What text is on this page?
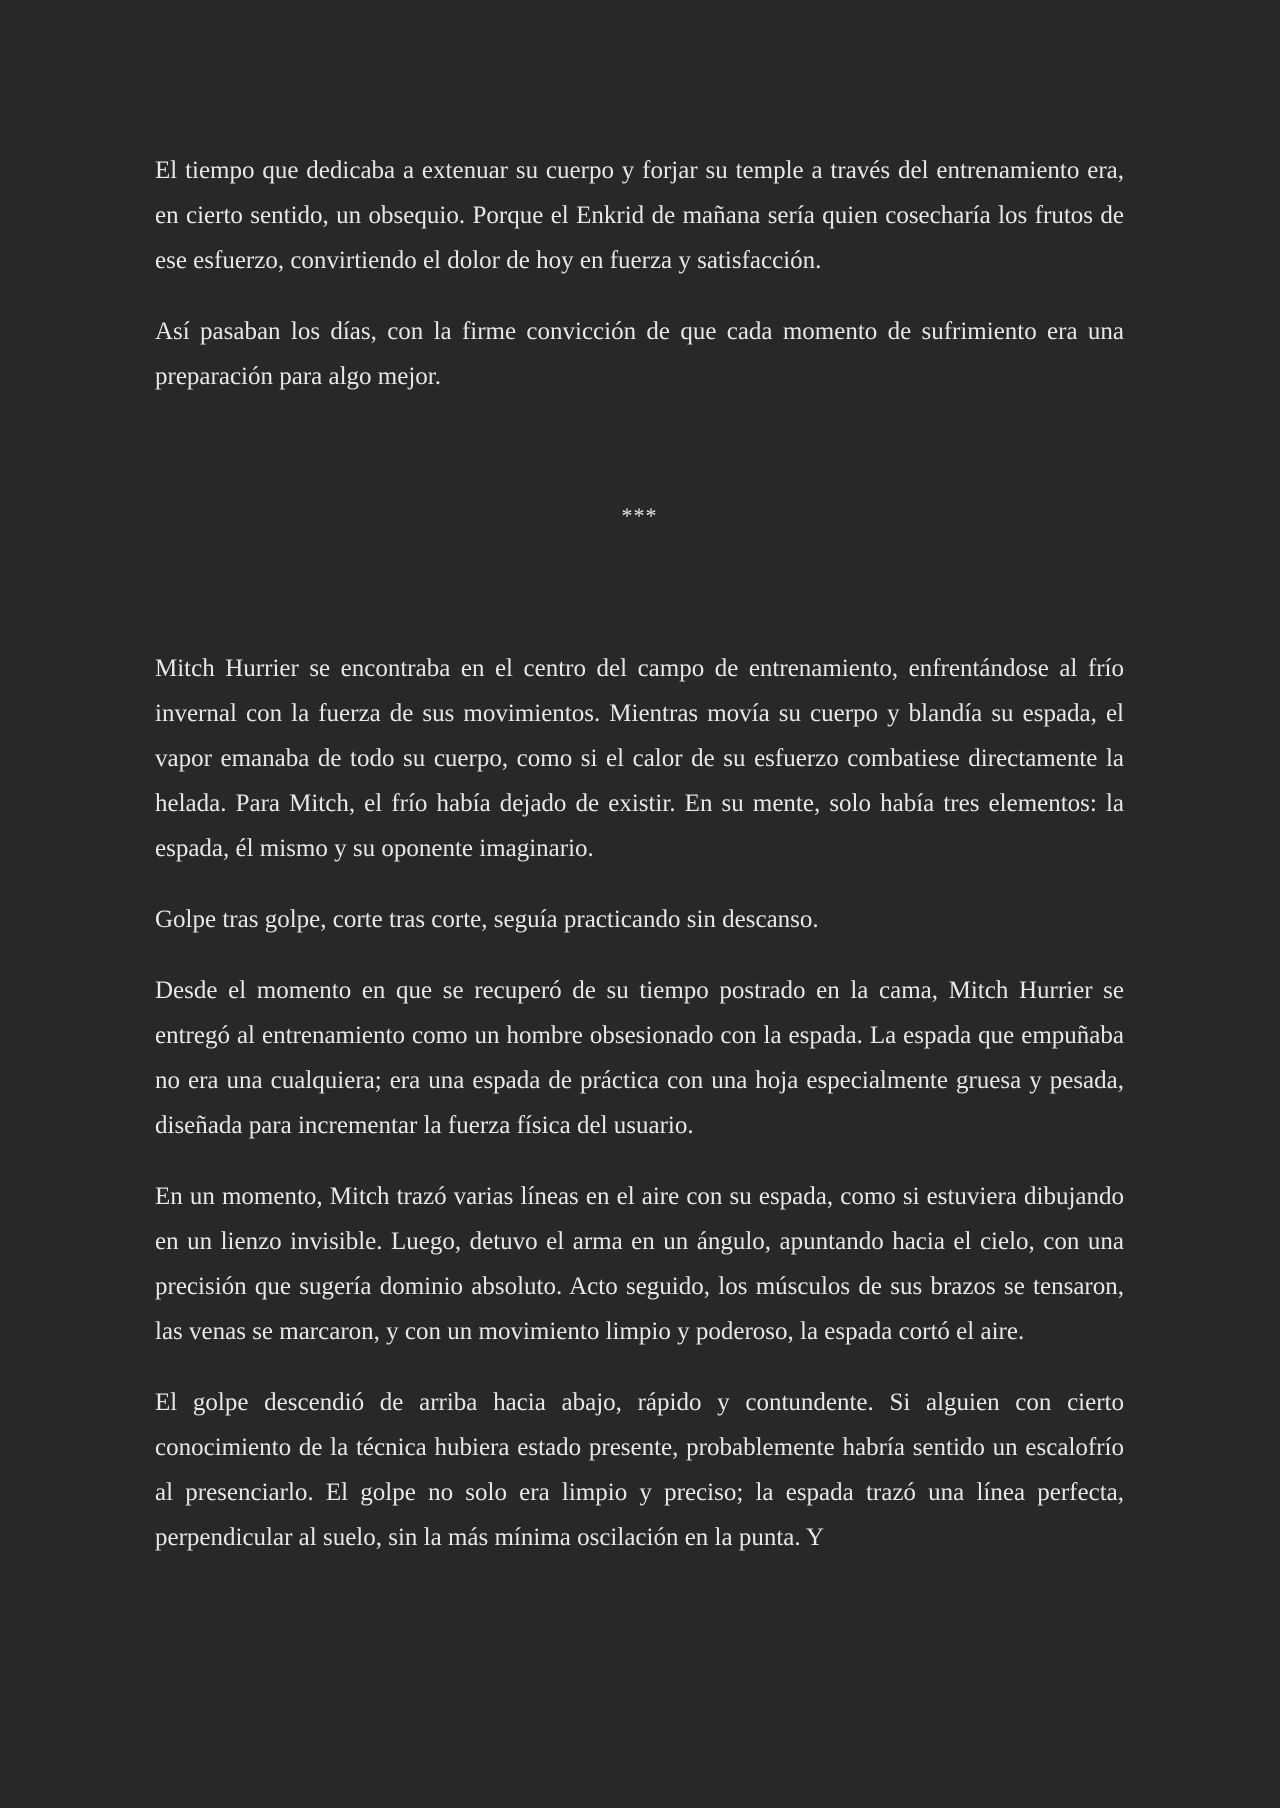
El tiempo que dedicaba a extenuar su cuerpo y forjar su temple a través del entrenamiento era, en cierto sentido, un obsequio. Porque el Enkrid de mañana sería quien cosecharía los frutos de ese esfuerzo, convirtiendo el dolor de hoy en fuerza y satisfacción.

Así pasaban los días, con la firme convicción de que cada momento de sufrimiento era una preparación para algo mejor.

***

Mitch Hurrier se encontraba en el centro del campo de entrenamiento, enfrentándose al frío invernal con la fuerza de sus movimientos. Mientras movía su cuerpo y blandía su espada, el vapor emanaba de todo su cuerpo, como si el calor de su esfuerzo combatiese directamente la helada. Para Mitch, el frío había dejado de existir. En su mente, solo había tres elementos: la espada, él mismo y su oponente imaginario.

Golpe tras golpe, corte tras corte, seguía practicando sin descanso.

Desde el momento en que se recuperó de su tiempo postrado en la cama, Mitch Hurrier se entregó al entrenamiento como un hombre obsesionado con la espada. La espada que empuñaba no era una cualquiera; era una espada de práctica con una hoja especialmente gruesa y pesada, diseñada para incrementar la fuerza física del usuario.

En un momento, Mitch trazó varias líneas en el aire con su espada, como si estuviera dibujando en un lienzo invisible. Luego, detuvo el arma en un ángulo, apuntando hacia el cielo, con una precisión que sugería dominio absoluto. Acto seguido, los músculos de sus brazos se tensaron, las venas se marcaron, y con un movimiento limpio y poderoso, la espada cortó el aire.

El golpe descendió de arriba hacia abajo, rápido y contundente. Si alguien con cierto conocimiento de la técnica hubiera estado presente, probablemente habría sentido un escalofrío al presenciarlo. El golpe no solo era limpio y preciso; la espada trazó una línea perfecta, perpendicular al suelo, sin la más mínima oscilación en la punta. Y
